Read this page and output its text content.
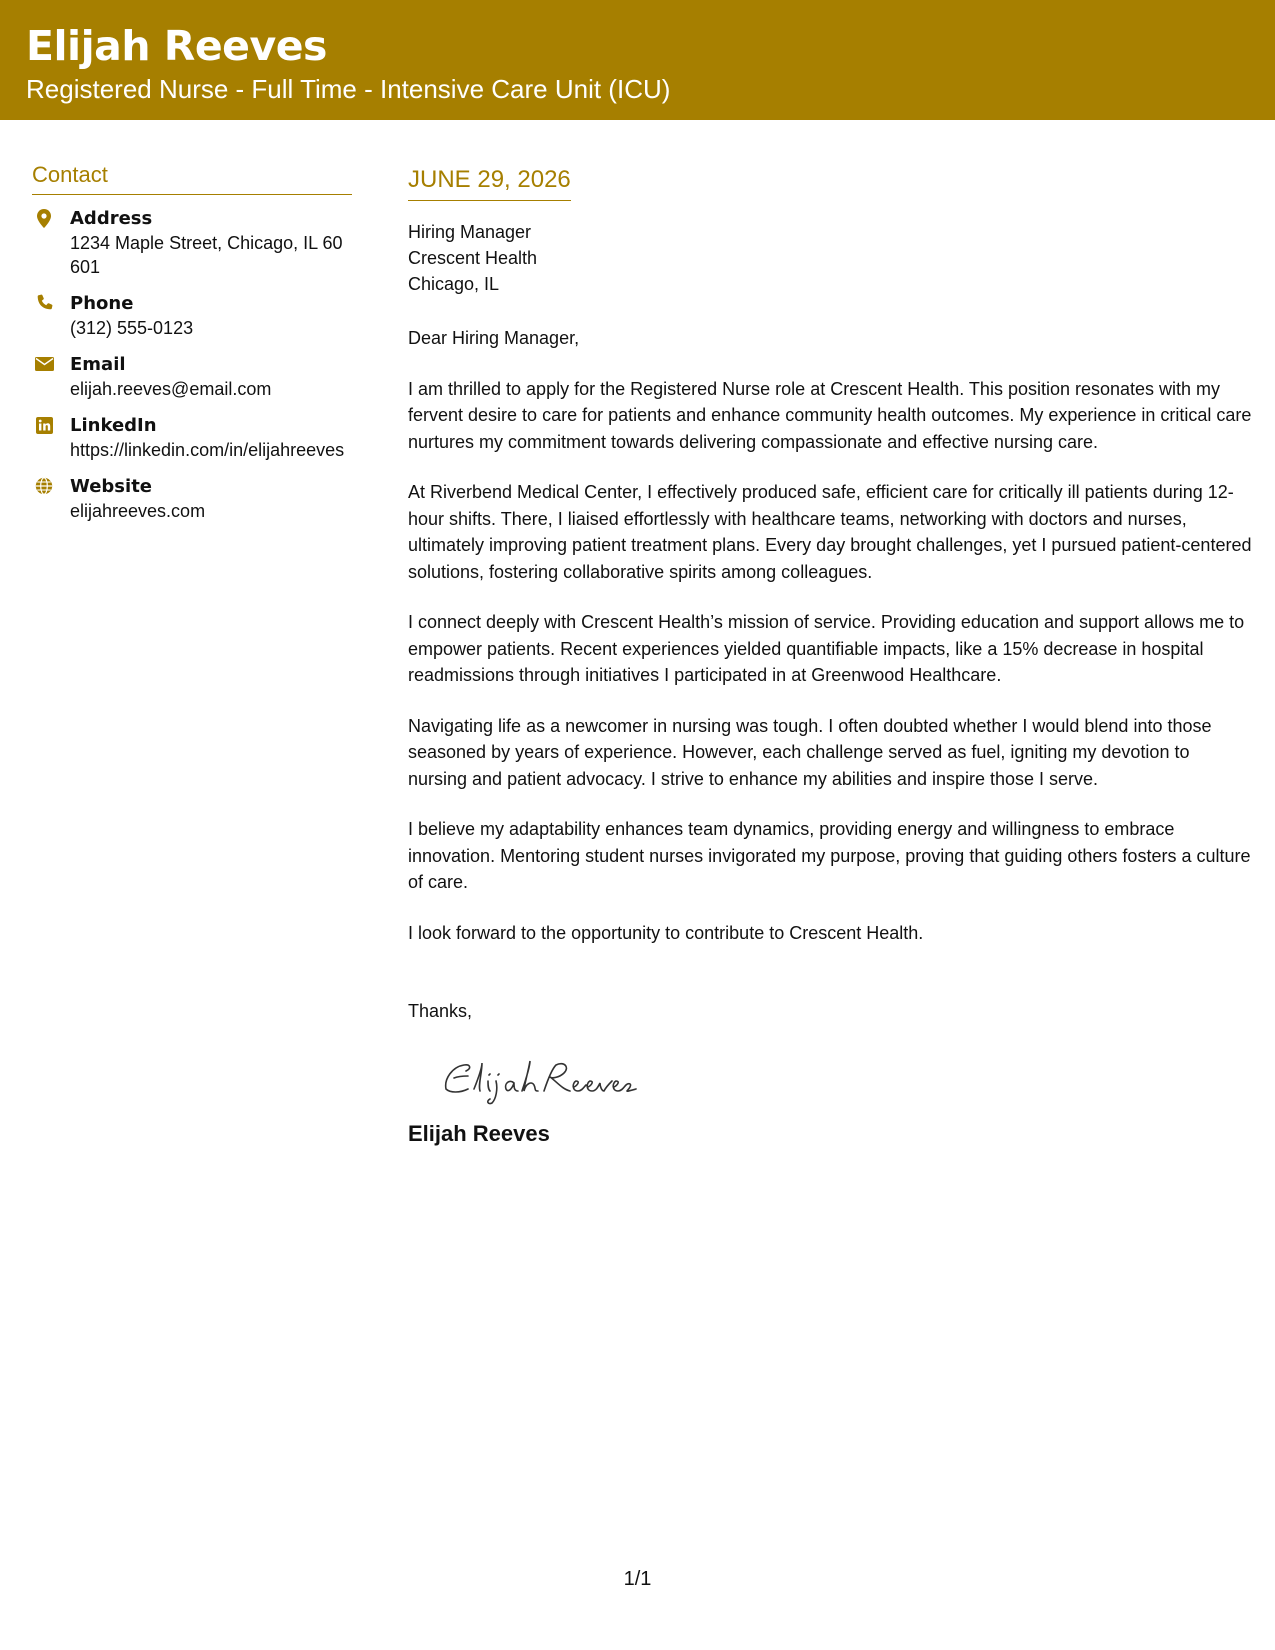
Elijah Reeves
Registered Nurse - Full Time - Intensive Care Unit (ICU)
Contact
Address
1234 Maple Street, Chicago, IL 60601
Phone
(312) 555-0123
Email
elijah.reeves@email.com
LinkedIn
https://linkedin.com/in/elijahreeves
Website
elijahreeves.com
JUNE 29, 2026
Hiring Manager
Crescent Health
Chicago, IL
Dear Hiring Manager,
I am thrilled to apply for the Registered Nurse role at Crescent Health. This position resonates with my fervent desire to care for patients and enhance community health outcomes. My experience in critical care nurtures my commitment towards delivering compassionate and effective nursing care.
At Riverbend Medical Center, I effectively produced safe, efficient care for critically ill patients during 12-hour shifts. There, I liaised effortlessly with healthcare teams, networking with doctors and nurses, ultimately improving patient treatment plans. Every day brought challenges, yet I pursued patient-centered solutions, fostering collaborative spirits among colleagues.
I connect deeply with Crescent Health’s mission of service. Providing education and support allows me to empower patients. Recent experiences yielded quantifiable impacts, like a 15% decrease in hospital readmissions through initiatives I participated in at Greenwood Healthcare.
Navigating life as a newcomer in nursing was tough. I often doubted whether I would blend into those seasoned by years of experience. However, each challenge served as fuel, igniting my devotion to nursing and patient advocacy. I strive to enhance my abilities and inspire those I serve.
I believe my adaptability enhances team dynamics, providing energy and willingness to embrace innovation. Mentoring student nurses invigorated my purpose, proving that guiding others fosters a culture of care.
I look forward to the opportunity to contribute to Crescent Health.
Thanks,
Elijah Reeves
1/1
